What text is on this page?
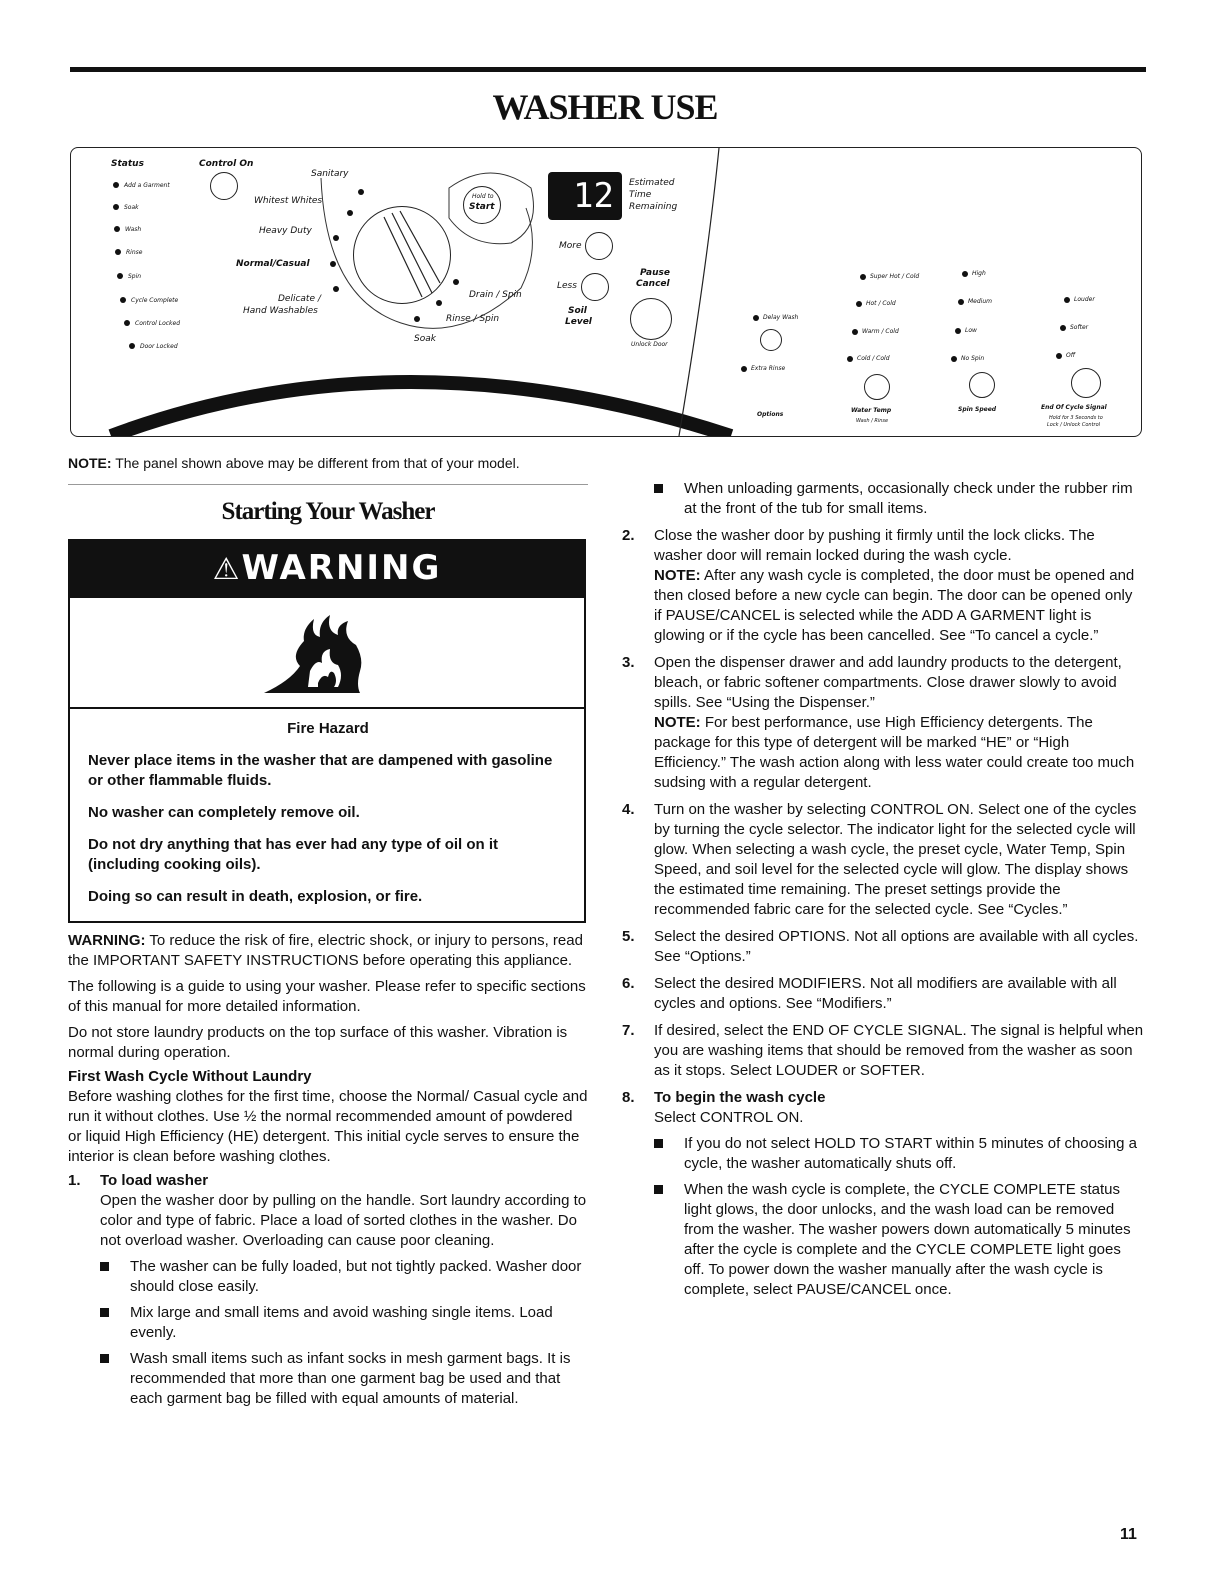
WASHER USE
Status
Add a Garment
Soak
Wash
Rinse
Spin
Cycle Complete
Control Locked
Door Locked
Control On
Sanitary
Whitest Whites
Heavy Duty
Normal/Casual
Delicate /
Hand Washables
Soak
Rinse / Spin
Drain / Spin
Hold to
Start	12	Estimated
Time
Remaining
More
Less
Soil
Level
Pause
Cancel
Unlock Door
Delay Wash
Extra Rinse
Options
Super Hot / Cold
Hot / Cold
Warm / Cold
Cold / Cold
Water Temp
Wash / Rinse
High
Medium
Low
No Spin
Spin Speed
Louder
Softer
Off
End Of Cycle Signal
Hold for 3 Seconds to
Lock / Unlock Control
NOTE: The panel shown above may be different from that of your model.
Starting Your Washer
⚠WARNING

Fire Hazard

Never place items in the washer that are dampened with gasoline or other flammable fluids.

No washer can completely remove oil.

Do not dry anything that has ever had any type of oil on it (including cooking oils).

Doing so can result in death, explosion, or fire.

WARNING: To reduce the risk of fire, electric shock, or injury to persons, read the IMPORTANT SAFETY INSTRUCTIONS before operating this appliance.

The following is a guide to using your washer. Please refer to specific sections of this manual for more detailed information.

Do not store laundry products on the top surface of this washer. Vibration is normal during operation.

First Wash Cycle Without Laundry

Before washing clothes for the first time, choose the Normal/ Casual cycle and run it without clothes. Use ½ the normal recommended amount of powdered or liquid High Efficiency (HE) detergent. This initial cycle serves to ensure the interior is clean before washing clothes.

1. To load washer

Open the washer door by pulling on the handle. Sort laundry according to color and type of fabric. Place a load of sorted clothes in the washer. Do not overload washer. Overloading can cause poor cleaning.

The washer can be fully loaded, but not tightly packed. Washer door should close easily.
Mix large and small items and avoid washing single items. Load evenly.
Wash small items such as infant socks in mesh garment bags. It is recommended that more than one garment bag be used and that each garment bag be filled with equal amounts of material.
When unloading garments, occasionally check under the rubber rim at the front of the tub for small items.
2. Close the washer door by pushing it firmly until the lock clicks. The washer door will remain locked during the wash cycle.

NOTE: After any wash cycle is completed, the door must be opened and then closed before a new cycle can begin. The door can be opened only if PAUSE/CANCEL is selected while the ADD A GARMENT light is glowing or if the cycle has been cancelled. See “To cancel a cycle.”

3. Open the dispenser drawer and add laundry products to the detergent, bleach, or fabric softener compartments. Close drawer slowly to avoid spills. See “Using the Dispenser.”

NOTE: For best performance, use High Efficiency detergents. The package for this type of detergent will be marked “HE” or “High Efficiency.” The wash action along with less water could create too much sudsing with a regular detergent.

4. Turn on the washer by selecting CONTROL ON. Select one of the cycles by turning the cycle selector. The indicator light for the selected cycle will glow. When selecting a wash cycle, the preset cycle, Water Temp, Spin Speed, and soil level for the selected cycle will glow. The display shows the estimated time remaining. The preset settings provide the recommended fabric care for the selected cycle. See “Cycles.”
5. Select the desired OPTIONS. Not all options are available with all cycles. See “Options.”
6. Select the desired MODIFIERS. Not all modifiers are available with all cycles and options. See “Modifiers.”
7. If desired, select the END OF CYCLE SIGNAL. The signal is helpful when you are washing items that should be removed from the washer as soon as it stops. Select LOUDER or SOFTER.
8. To begin the wash cycle

Select CONTROL ON.

If you do not select HOLD TO START within 5 minutes of choosing a cycle, the washer automatically shuts off.
When the wash cycle is complete, the CYCLE COMPLETE status light glows, the door unlocks, and the wash load can be removed from the washer. The washer powers down automatically 5 minutes after the cycle is complete and the CYCLE COMPLETE light goes off. To power down the washer manually after the wash cycle is complete, select PAUSE/CANCEL once.
11
